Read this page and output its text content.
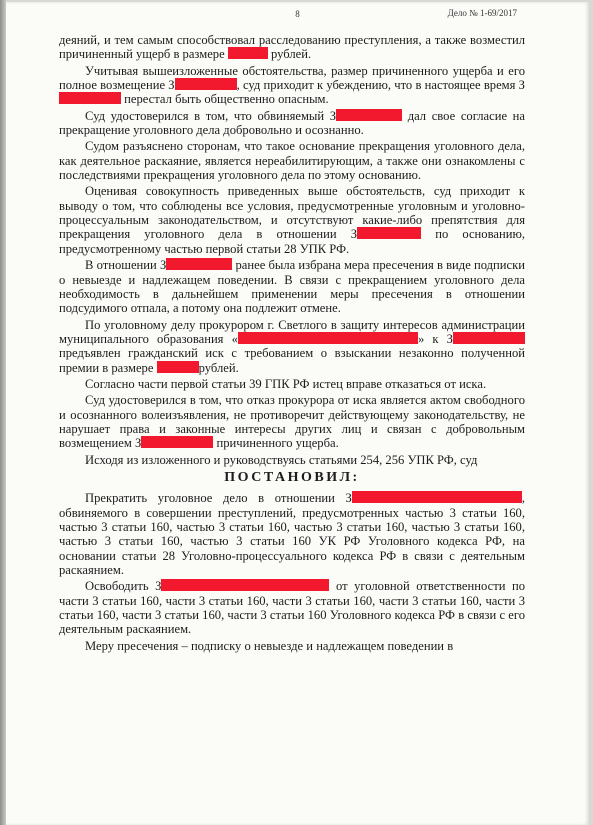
8	Дело № 1-69/2017

деяний, и тем самым способствовал расследованию преступления, а также возместил причиненный ущерб в размере	рублей.

Учитывая вышеизложенные обстоятельства, размер причиненного ущерба и его полное возмещение З	, суд приходит к убеждению, что в настоящее время З перестал быть общественно опасным.

Суд удостоверился в том, что обвиняемый З	дал свое согласие на прекращение уголовного дела добровольно и осознанно.

Судом разъяснено сторонам, что такое основание прекращения уголовного дела, как деятельное раскаяние, является нереабилитирующим, а также они ознакомлены с последствиями прекращения уголовного дела по этому основанию.

Оценивая совокупность приведенных выше обстоятельств, суд приходит к выводу о том, что соблюдены все условия, предусмотренные уголовным и уголовно-процессуальным законодательством, и отсутствуют какие-либо препятствия для прекращения уголовного дела в отношении З	по основанию, предусмотренному частью первой статьи 28 УПК РФ.

В отношении З	ранее была избрана мера пресечения в виде подписки о невыезде и надлежащем поведении. В связи с прекращением уголовного дела необходимость в дальнейшем применении меры пресечения в отношении подсудимого отпала, а потому она подлежит отмене.

По уголовному делу прокурором г. Светлого в защиту интересов администрации муниципального образования «	» к З предъявлен гражданский иск с требованием о взыскании незаконно полученной премии в размере	рублей.

Согласно части первой статьи 39 ГПК РФ истец вправе отказаться от иска.

Суд удостоверился в том, что отказ прокурора от иска является актом свободного и осознанного волеизъявления, не противоречит действующему законодательству, не нарушает права и законные интересы других лиц и связан с добровольным возмещением З	причиненного ущерба.

Исходя из изложенного и руководствуясь статьями 254, 256 УПК РФ, суд

ПОСТАНОВИЛ:

Прекратить уголовное дело в отношении З	, обвиняемого в совершении преступлений, предусмотренных частью 3 статьи 160, частью 3 статьи 160, частью 3 статьи 160, частью 3 статьи 160, частью 3 статьи 160, частью 3 статьи 160, частью 3 статьи 160 УК РФ Уголовного кодекса РФ, на основании статьи 28 Уголовно-процессуального кодекса РФ в связи с деятельным раскаянием.

Освободить З	от уголовной ответственности по части 3 статьи 160, части 3 статьи 160, части 3 статьи 160, части 3 статьи 160, части 3 статьи 160, части 3 статьи 160, части 3 статьи 160 Уголовного кодекса РФ в связи с его деятельным раскаянием.

Меру пресечения – подписку о невыезде и надлежащем поведении в
